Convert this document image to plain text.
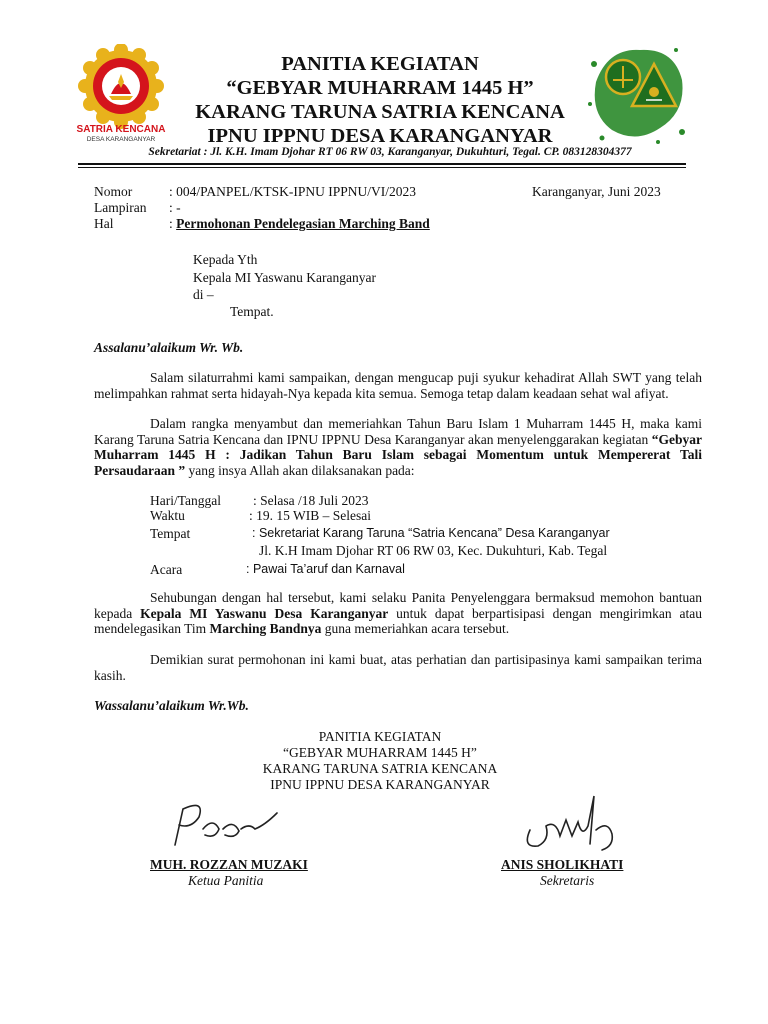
SATRIA KENCANA
DESA KARANGANYAR
PANITIA KEGIATAN
“GEBYAR MUHARRAM 1445 H”
KARANG TARUNA SATRIA KENCANA
IPNU IPPNU DESA KARANGANYAR
Sekretariat : Jl. K.H. Imam Djohar RT 06 RW 03, Karanganyar, Dukuhturi, Tegal. CP. 083128304377
Nomor	: 004/PANPEL/KTSK-IPNU IPPNU/VI/2023	Karanganyar, Juni 2023
Lampiran : -
Hal	: Permohonan Pendelegasian Marching Band
Kepada Yth
Kepala MI Yaswanu Karanganyar
di –
Tempat.
Assalanu’alaikum Wr. Wb.
Salam silaturrahmi kami sampaikan, dengan mengucap puji syukur kehadirat Allah SWT yang telah melimpahkan rahmat serta hidayah-Nya kepada kita semua. Semoga tetap dalam keadaan sehat wal afiyat.
Dalam rangka menyambut dan memeriahkan Tahun Baru Islam 1 Muharram 1445 H, maka kami Karang Taruna Satria Kencana dan IPNU IPPNU Desa Karanganyar akan menyelenggarakan kegiatan “Gebyar Muharram 1445 H : Jadikan Tahun Baru Islam sebagai Momentum untuk Mempererat Tali Persaudaraan ” yang insya Allah akan dilaksanakan pada:
Hari/Tanggal : Selasa /18 Juli 2023
Waktu	: 19. 15 WIB – Selesai
Tempat	: Sekretariat Karang Taruna “Satria Kencana” Desa Karanganyar
Jl. K.H Imam Djohar RT 06 RW 03, Kec. Dukuhturi, Kab. Tegal
Acara	: Pawai Ta’aruf dan Karnaval
Sehubungan dengan hal tersebut, kami selaku Panita Penyelenggara bermaksud memohon bantuan kepada Kepala MI Yaswanu Desa Karanganyar untuk dapat berpartisipasi dengan mengirimkan atau mendelegasikan Tim Marching Bandnya guna memeriahkan acara tersebut.
Demikian surat permohonan ini kami buat, atas perhatian dan partisipasinya kami sampaikan terima kasih.
Wassalanu’alaikum Wr.Wb.
PANITIA KEGIATAN
“GEBYAR MUHARRAM 1445 H”
KARANG TARUNA SATRIA KENCANA
IPNU IPPNU DESA KARANGANYAR
MUH. ROZZAN MUZAKI
Ketua Panitia
ANIS SHOLIKHATI
Sekretaris
